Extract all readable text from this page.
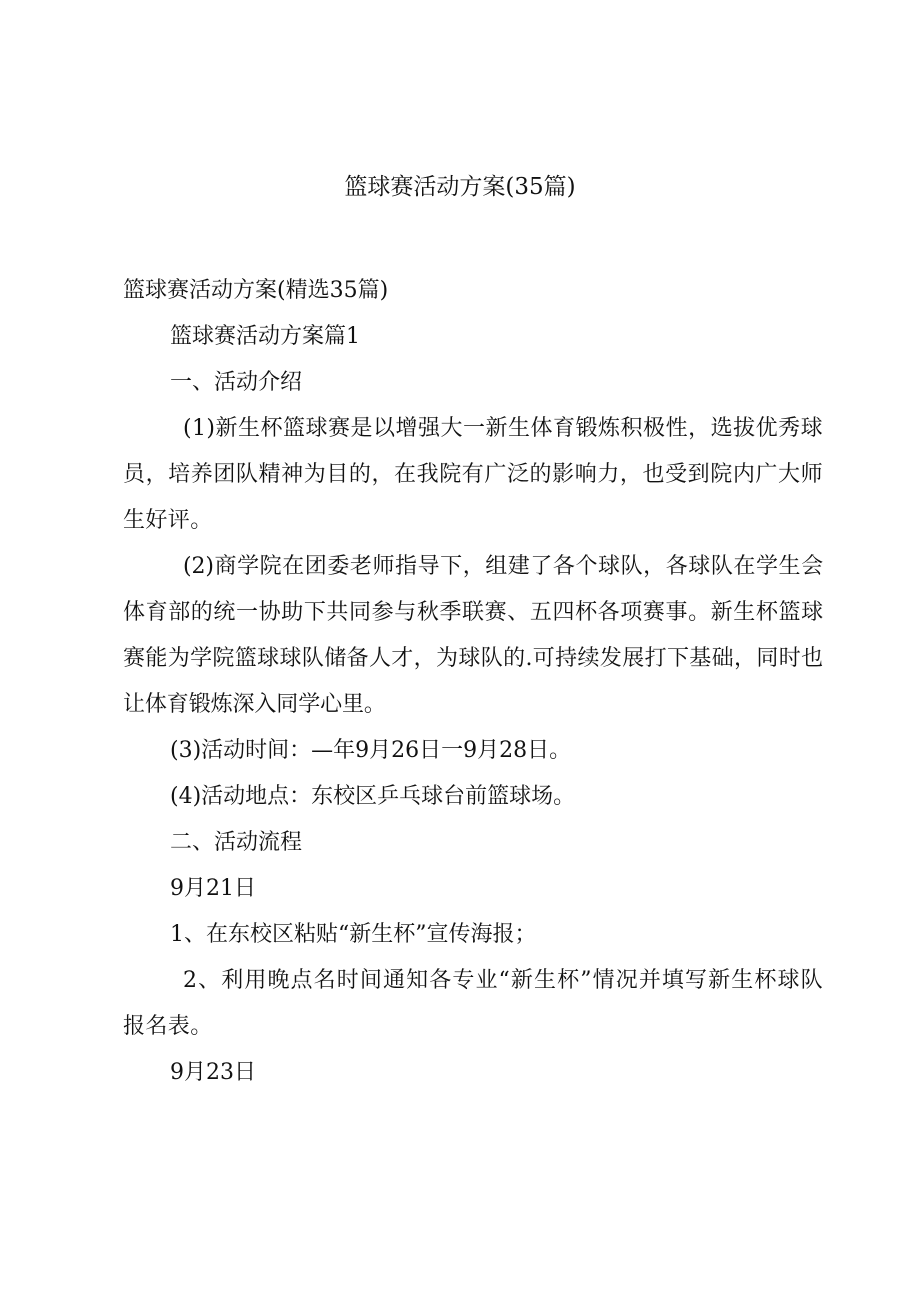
篮球赛活动方案(35篇)

篮球赛活动方案(精选35篇)

篮球赛活动方案篇1

一、活动介绍

(1)新生杯篮球赛是以增强大一新生体育锻炼积极性，选拔优秀球员，培养团队精神为目的，在我院有广泛的影响力，也受到院内广大师生好评。

(2)商学院在团委老师指导下，组建了各个球队，各球队在学生会体育部的统一协助下共同参与秋季联赛、五四杯各项赛事。新生杯篮球赛能为学院篮球球队储备人才，为球队的.可持续发展打下基础，同时也让体育锻炼深入同学心里。

(3)活动时间：—年9月26日一9月28日。

(4)活动地点：东校区乒乓球台前篮球场。

二、活动流程

9月21日

1、在东校区粘贴“新生杯”宣传海报；

2、利用晚点名时间通知各专业“新生杯”情况并填写新生杯球队报名表。

9月23日
